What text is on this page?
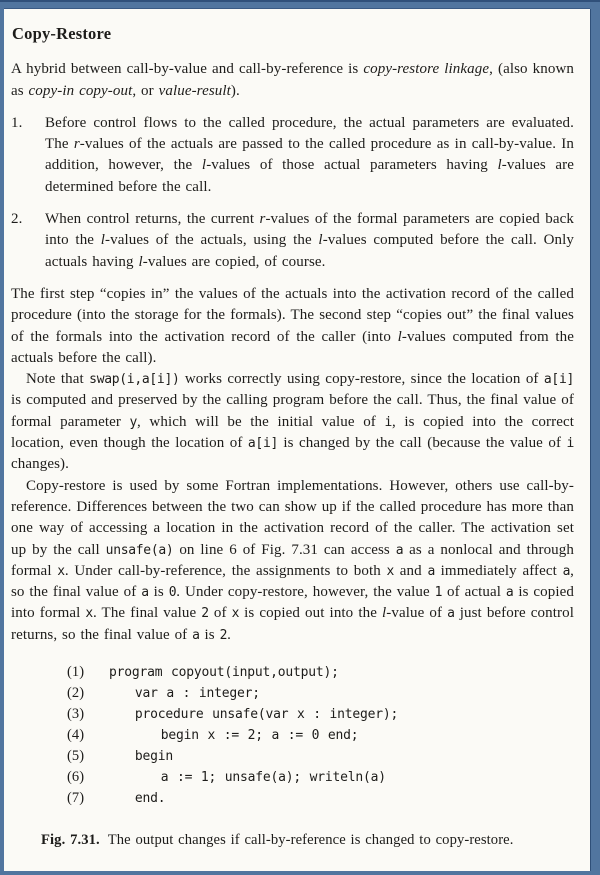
Copy-Restore

A hybrid between call-by-value and call-by-reference is copy-restore linkage, (also known as copy-in copy-out, or value-result).

1.	Before control flows to the called procedure, the actual parameters are evaluated. The r-values of the actuals are passed to the called procedure as in call-by-value. In addition, however, the l-values of those actual parameters having l-values are determined before the call.
2.	When control returns, the current r-values of the formal parameters are copied back into the l-values of the actuals, using the l-values computed before the call. Only actuals having l-values are copied, of course.

The first step “copies in” the values of the actuals into the activation record of the called procedure (into the storage for the formals). The second step “copies out” the final values of the formals into the activation record of the caller (into l-values computed from the actuals before the call).

Note that swap(i,a[i]) works correctly using copy-restore, since the location of a[i] is computed and preserved by the calling program before the call. Thus, the final value of formal parameter y, which will be the initial value of i, is copied into the correct location, even though the location of a[i] is changed by the call (because the value of i changes).

Copy-restore is used by some Fortran implementations. However, others use call-by-reference. Differences between the two can show up if the called procedure has more than one way of accessing a location in the activation record of the caller. The activation set up by the call unsafe(a) on line 6 of Fig. 7.31 can access a as a nonlocal and through formal x. Under call-by-reference, the assignments to both x and a immediately affect a, so the final value of a is 0. Under copy-restore, however, the value 1 of actual a is copied into formal x. The final value 2 of x is copied out into the l-value of a just before control returns, so the final value of a is 2.

(1)	program copyout(input,output);
(2)	var a : integer;
(3)	procedure unsafe(var x : integer);
(4)	begin x := 2; a := 0 end;
(5)	begin
(6)	a := 1; unsafe(a); writeln(a)
(7)	end.

Fig. 7.31. The output changes if call-by-reference is changed to copy-restore.
